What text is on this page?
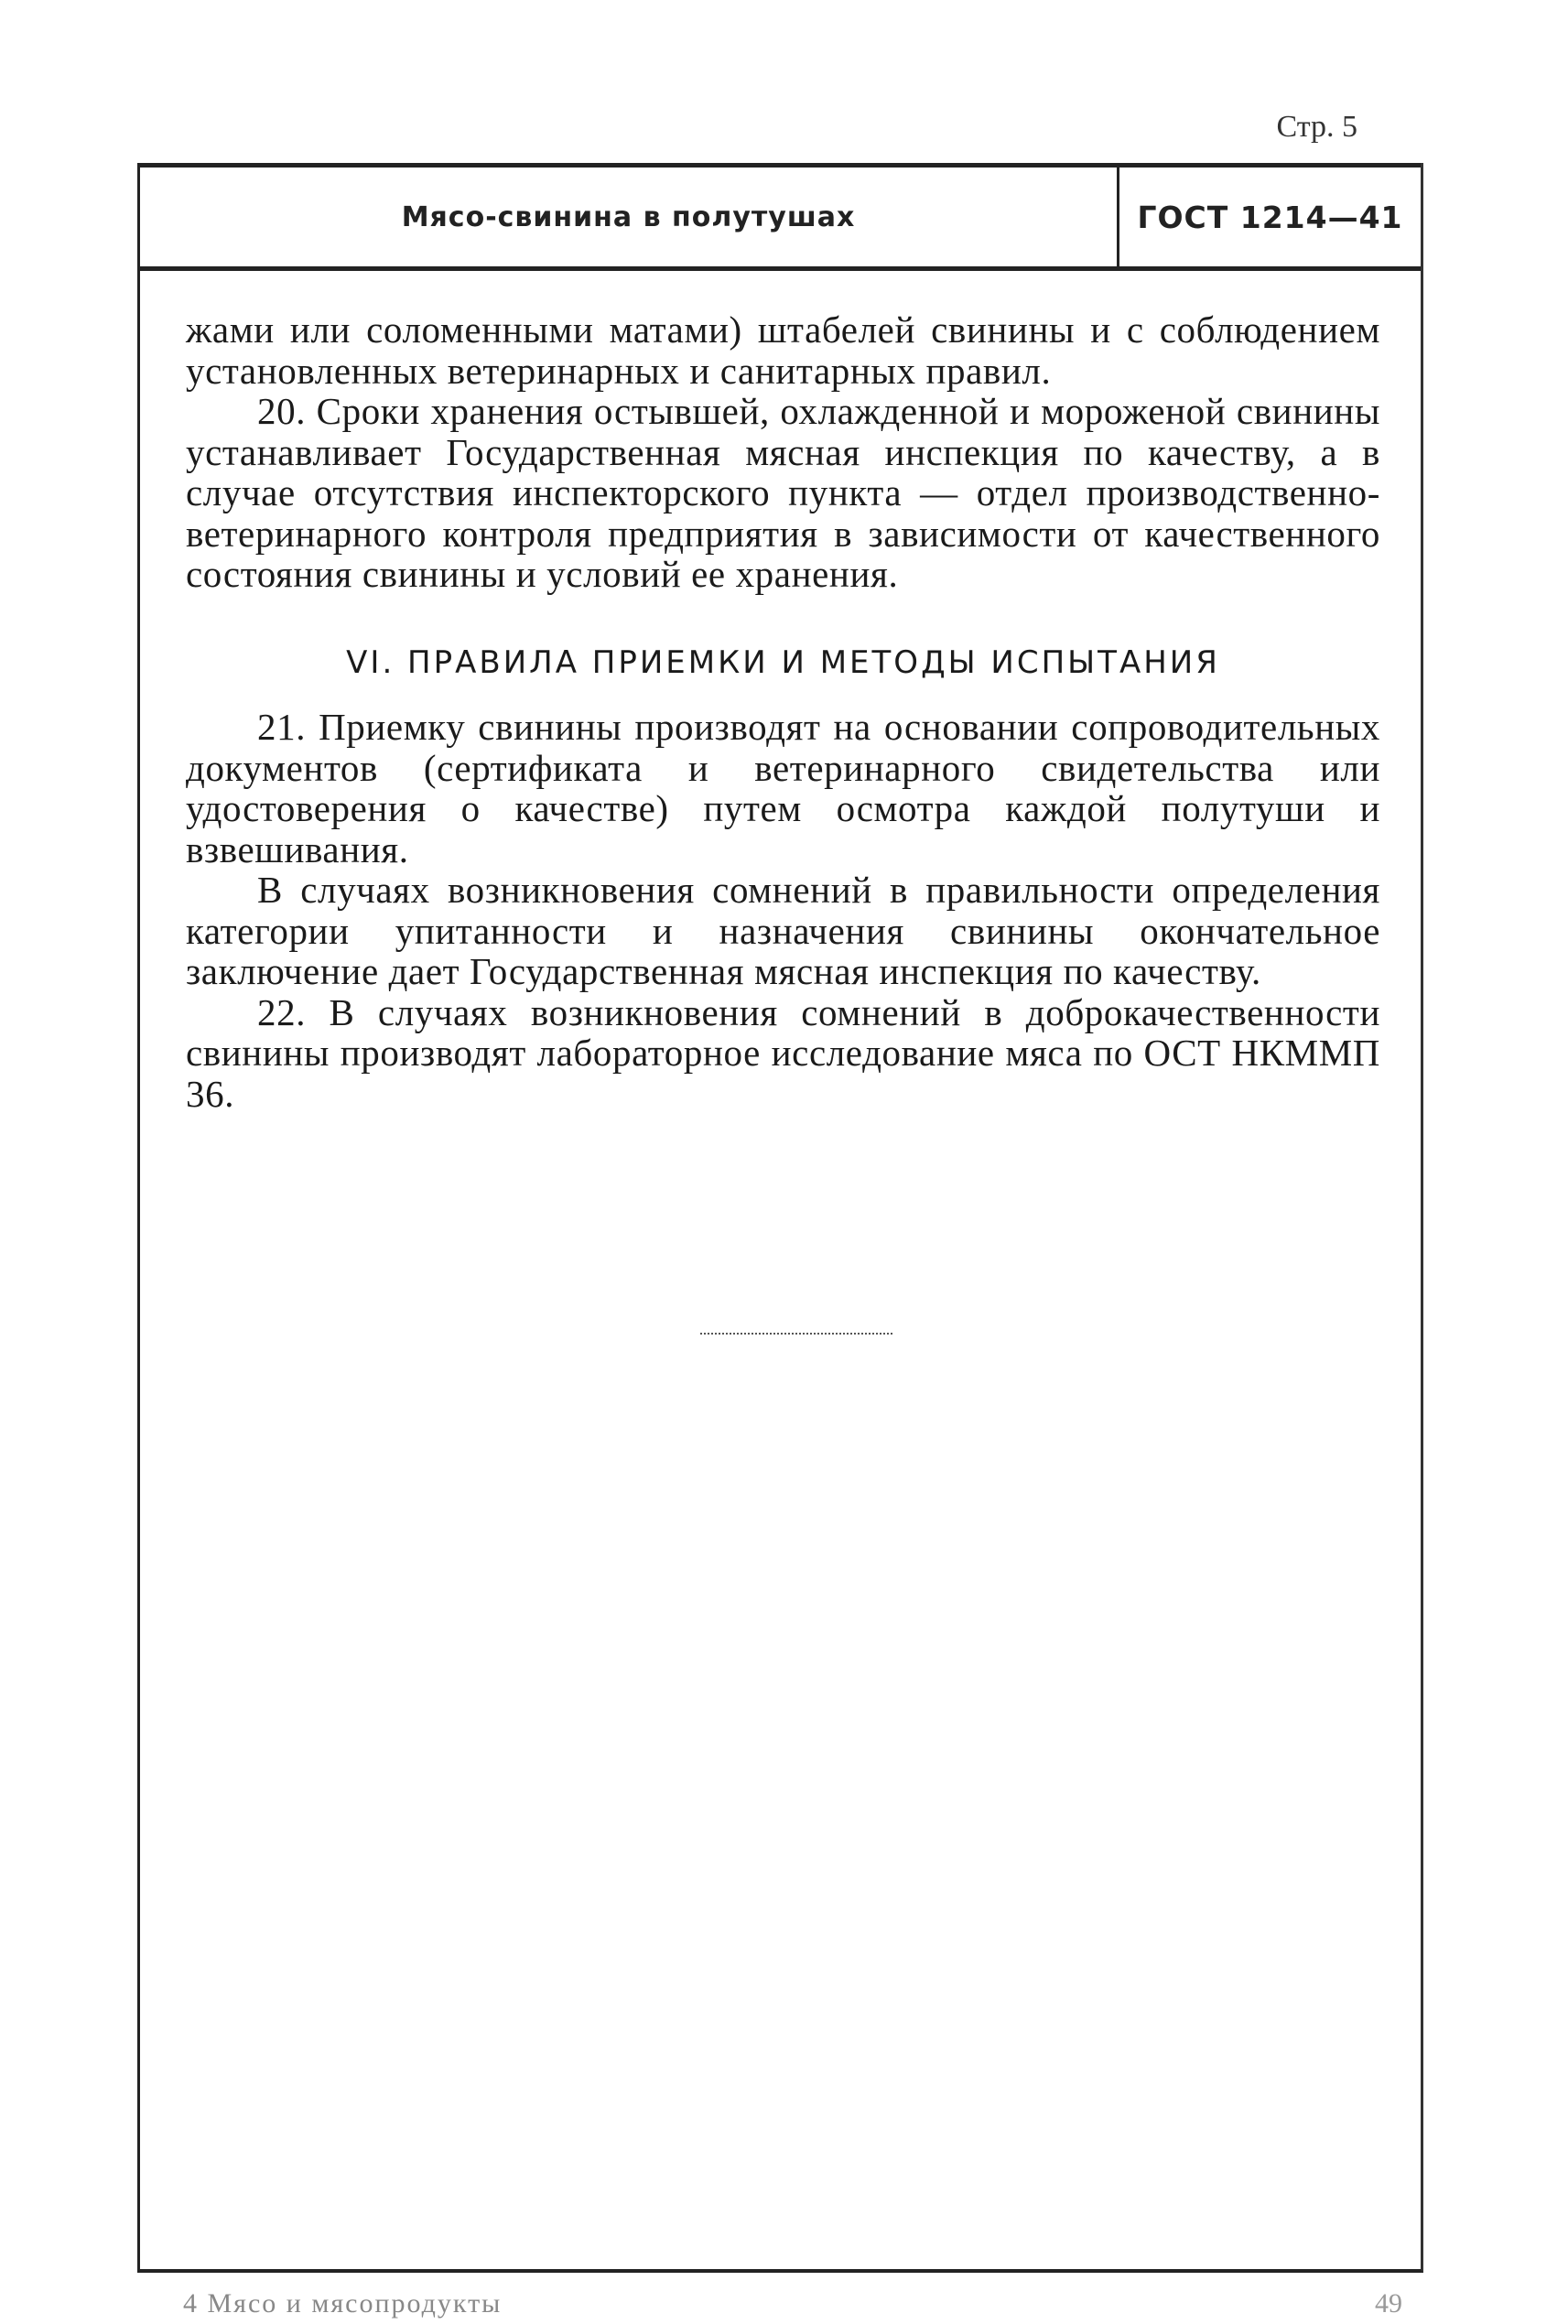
Стр. 5
Мясо-свинина в полутушах	ГОСТ 1214—41

жами или соломенными матами) штабелей свинины и с соблюдением установленных ветеринарных и санитарных правил.

20. Сроки хранения остывшей, охлажденной и мороженой свинины устанавливает Государственная мясная инспекция по качеству, а в случае отсутствия инспекторского пункта — отдел производственно-ветеринарного контроля предприятия в зависимости от качественного состояния свинины и условий ее хранения.

VI. ПРАВИЛА ПРИЕМКИ И МЕТОДЫ ИСПЫТАНИЯ

21. Приемку свинины производят на основании сопроводительных документов (сертификата и ветеринарного свидетельства или удостоверения о качестве) путем осмотра каждой полутуши и взвешивания.

В случаях возникновения сомнений в правильности определения категории упитанности и назначения свинины окончательное заключение дает Государственная мясная инспекция по качеству.

22. В случаях возникновения сомнений в доброкачественности свинины производят лабораторное исследование мяса по ОСТ НКММП 36.

4 Мясо и мясопродукты	49
